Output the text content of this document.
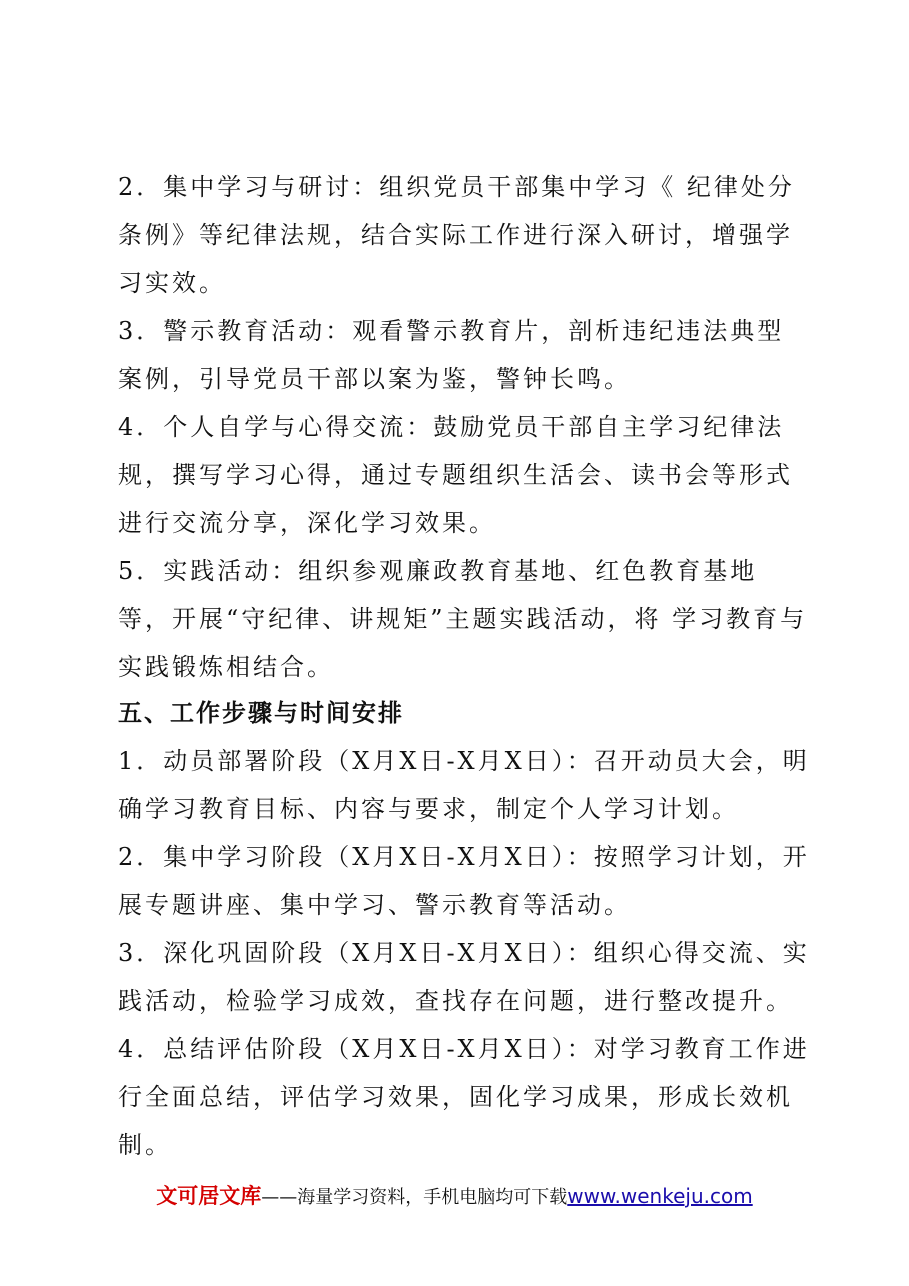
2．集中学习与研讨：组织党员干部集中学习《 纪律处分条例》等纪律法规，结合实际工作进行深入研讨，增强学习实效。

3．警示教育活动：观看警示教育片，剖析违纪违法典型案例，引导党员干部以案为鉴，警钟长鸣。

4．个人自学与心得交流：鼓励党员干部自主学习纪律法规，撰写学习心得，通过专题组织生活会、读书会等形式进行交流分享，深化学习效果。

5．实践活动：组织参观廉政教育基地、红色教育基地等，开展“守纪律、讲规矩”主题实践活动，将 学习教育与实践锻炼相结合。

五、工作步骤与时间安排

1．动员部署阶段（X月X日-X月X日）：召开动员大会，明确学习教育目标、内容与要求，制定个人学习计划。

2．集中学习阶段（X月X日-X月X日）：按照学习计划，开展专题讲座、集中学习、警示教育等活动。

3．深化巩固阶段（X月X日-X月X日）：组织心得交流、实践活动，检验学习成效，查找存在问题，进行整改提升。

4．总结评估阶段（X月X日-X月X日）：对学习教育工作进行全面总结，评估学习效果，固化学习成果，形成长效机制。

文可居文库——海量学习资料，手机电脑均可下载www.wenkeju.com
